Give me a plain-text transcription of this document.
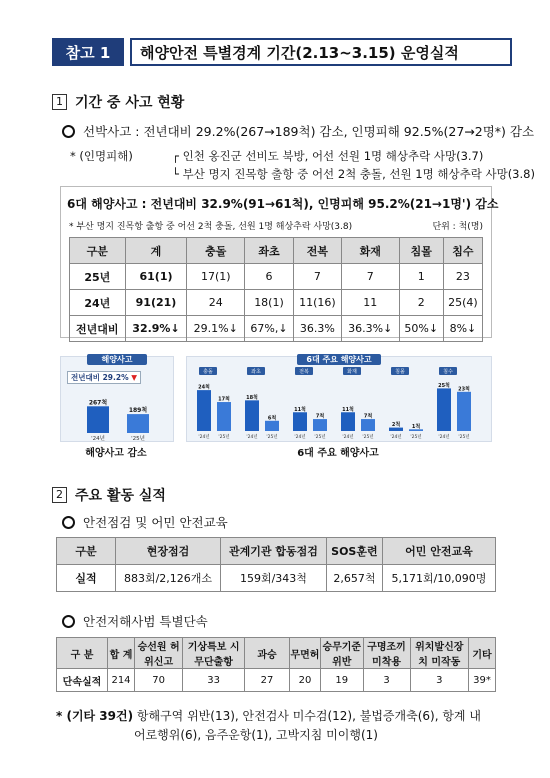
참고 1	해양안전 특별경계 기간(2.13~3.15) 운영실적
1 기간 중 사고 현황
선박사고 : 전년대비 29.2%(267→189척) 감소, 인명피해 92.5%(27→2명*) 감소
* (인명피해)	┌ 인천 옹진군 선비도 북방, 어선 선원 1명 해상추락 사망(3.7)
└ 부산 명지 진목항 출항 중 어선 2척 충돌, 선원 1명 해상추락 사망(3.8)
6대 해양사고 : 전년대비 32.9%(91→61척), 인명피해 95.2%(21→1명') 감소
* 부산 명지 진목항 출항 중 어선 2척 충돌, 선원 1명 해상추락 사망(3.8)	단위 : 척(명)
구분	계	충돌	좌초	전복	화재	침몰	침수
25년	61(1)	17(1)	6	7	7	1	23
24년	91(21)	24	18(1)	11(16)	11	2	25(4)
전년대비	32.9%↓	29.1%↓	67%,↓	36.3%	36.3%↓	50%↓	8%↓
해양사고
전년대비 29.2% ▼
267척
'24년
189척
'25년
6대 주요 해양사고
충돌
24척
'24년
17척
'25년
좌초
18척
'24년
6척
'25년
전복
11척
'24년
7척
'25년
화재
11척
'24년
7척
'25년
침몰
2척
'24년
1척
'25년
침수
25척
'24년
23척
'25년
해양사고 감소	6대 주요 해양사고
2 주요 활동 실적
안전점검 및 어민 안전교육
구분	현장점검	관계기관 합동점검	SOS훈련	어민 안전교육
실적	883회/2,126개소	159회/343척	2,657척	5,171회/10,090명
안전저해사범 특별단속
구 분	합 계	승선원 허위신고	기상특보 시 무단출항	과승	무면허	승무기준 위반	구명조끼 미착용	위치발신장치 미작동	기타
단속실적	214	70	33	27	20	19	3	3	39*
* (기타 39건) 항해구역 위반(13), 안전검사 미수검(12), 불법증개축(6), 항계 내
어로행위(6), 음주운항(1), 고박지침 미이행(1)
